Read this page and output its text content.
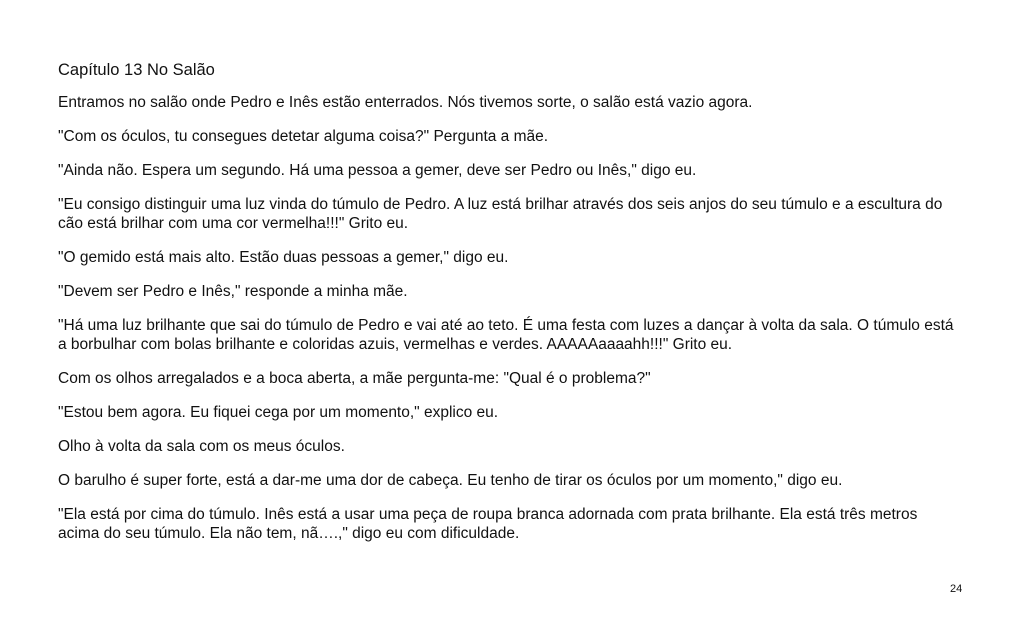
Capítulo 13 No Salão

Entramos no salão onde Pedro e Inês estão enterrados. Nós tivemos sorte, o salão está vazio agora.

"Com os óculos, tu consegues detetar alguma coisa?" Pergunta a mãe.

"Ainda não. Espera um segundo. Há uma pessoa a gemer, deve ser Pedro ou Inês," digo eu.

"Eu consigo distinguir uma luz vinda do túmulo de Pedro. A luz está brilhar através dos seis anjos do seu túmulo e a escultura do cão está brilhar com uma cor vermelha!!!" Grito eu.

"O gemido está mais alto. Estão duas pessoas a gemer," digo eu.

"Devem ser Pedro e Inês," responde a minha mãe.

"Há uma luz brilhante que sai do túmulo de Pedro e vai até ao teto. É uma festa com luzes a dançar à volta da sala. O túmulo está a borbulhar com bolas brilhante e coloridas azuis, vermelhas e verdes. AAAAAaaaahh!!!" Grito eu.

Com os olhos arregalados e a boca aberta, a mãe pergunta-me: "Qual é o problema?"

"Estou bem agora. Eu fiquei cega por um momento," explico eu.

Olho à volta da sala com os meus óculos.

O barulho é super forte, está a dar-me uma dor de cabeça. Eu tenho de tirar os óculos por um momento," digo eu.

"Ela está por cima do túmulo. Inês está a usar uma peça de roupa branca adornada com prata brilhante. Ela está três metros acima do seu túmulo. Ela não tem, nã….," digo eu com dificuldade.

24
